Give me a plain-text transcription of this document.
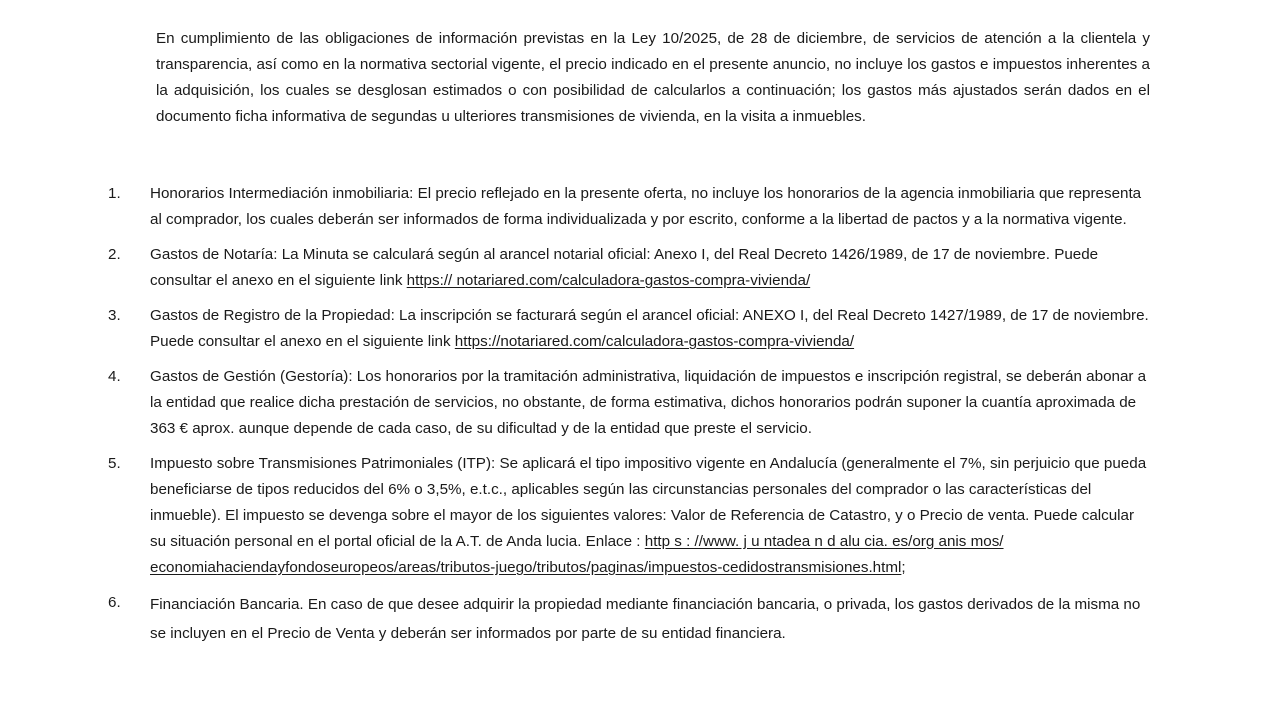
En cumplimiento de las obligaciones de información previstas en la Ley 10/2025, de 28 de diciembre, de servicios de atención a la clientela y transparencia, así como en la normativa sectorial vigente, el precio indicado en el presente anuncio, no incluye los gastos e impuestos inherentes a la adquisición, los cuales se desglosan estimados o con posibilidad de calcularlos a continuación; los gastos más ajustados serán dados en el documento ficha informativa de segundas u ulteriores transmisiones de vivienda, en la visita a inmuebles.

1.	Honorarios Intermediación inmobiliaria: El precio reflejado en la presente oferta, no incluye los honorarios de la agencia inmobiliaria que representa al comprador, los cuales deberán ser informados de forma individualizada y por escrito, conforme a la libertad de pactos y a la normativa vigente.
2.	Gastos de Notaría: La Minuta se calculará según al arancel notarial oficial: Anexo I, del Real Decreto 1426/1989, de 17 de noviembre. Puede consultar el anexo en el siguiente link https:// notariared.com/calculadora-gastos-compra-vivienda/
3.	Gastos de Registro de la Propiedad: La inscripción se facturará según el arancel oficial: ANEXO I, del Real Decreto 1427/1989, de 17 de noviembre. Puede consultar el anexo en el siguiente link https://notariared.com/calculadora-gastos-compra-vivienda/
4.	Gastos de Gestión (Gestoría): Los honorarios por la tramitación administrativa, liquidación de impuestos e inscripción registral, se deberán abonar a la entidad que realice dicha prestación de servicios, no obstante, de forma estimativa, dichos honorarios podrán suponer la cuantía aproximada de 363 € aprox. aunque depende de cada caso, de su dificultad y de la entidad que preste el servicio.
5.	Impuesto sobre Transmisiones Patrimoniales (ITP): Se aplicará el tipo impositivo vigente en Andalucía (generalmente el 7%, sin perjuicio que pueda beneficiarse de tipos reducidos del 6% o 3,5%, e.t.c., aplicables según las circunstancias personales del comprador o las características del inmueble). El impuesto se devenga sobre el mayor de los siguientes valores: Valor de Referencia de Catastro, y o Precio de venta. Puede calcular su situación personal en el portal oficial de la A.T. de Anda lucia. Enlace : http s : //www. j u ntadea n d alu cia. es/org anis mos/ economiahaciendayfondoseuropeos/areas/tributos-juego/tributos/paginas/impuestos-cedidostransmisiones.html;
6.	Financiación Bancaria. En caso de que desee adquirir la propiedad mediante financiación bancaria, o privada, los gastos derivados de la misma no se incluyen en el Precio de Venta y deberán ser informados por parte de su entidad financiera.
